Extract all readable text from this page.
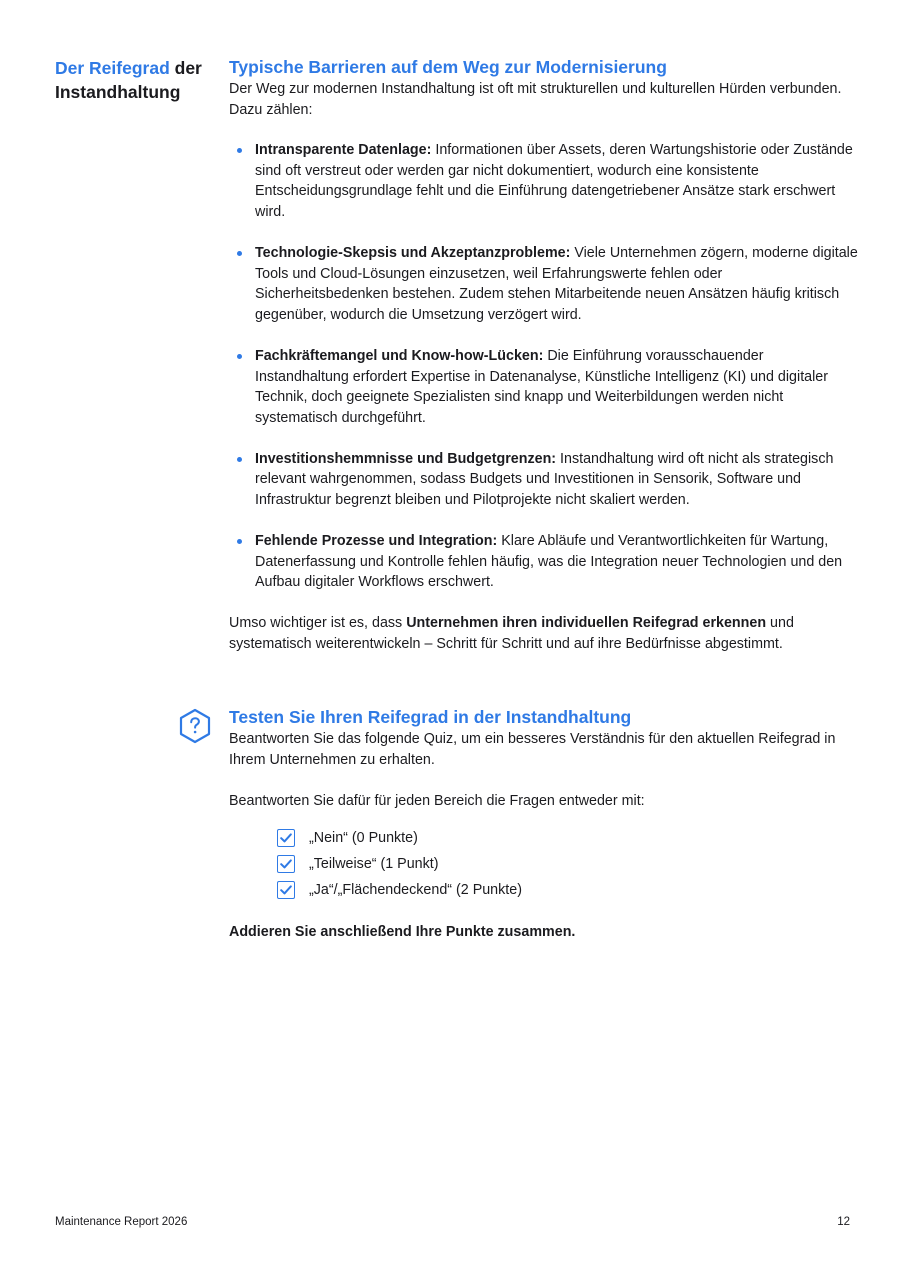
Der Reifegrad der Instandhaltung
Typische Barrieren auf dem Weg zur Modernisierung

Der Weg zur modernen Instandhaltung ist oft mit strukturellen und kulturellen Hürden verbunden. Dazu zählen:

Intransparente Datenlage: Informationen über Assets, deren Wartungshistorie oder Zustände sind oft verstreut oder werden gar nicht dokumentiert, wodurch eine konsistente Entscheidungsgrundlage fehlt und die Einführung datengetriebener Ansätze stark erschwert wird.
Technologie-Skepsis und Akzeptanzprobleme: Viele Unternehmen zögern, moderne digitale Tools und Cloud-Lösungen einzusetzen, weil Erfahrungswerte fehlen oder Sicherheitsbedenken bestehen. Zudem stehen Mitarbeitende neuen Ansätzen häufig kritisch gegenüber, wodurch die Umsetzung verzögert wird.
Fachkräftemangel und Know-how-Lücken: Die Einführung vorausschauender Instandhaltung erfordert Expertise in Datenanalyse, Künstliche Intelligenz (KI) und digitaler Technik, doch geeignete Spezialisten sind knapp und Weiterbildungen werden nicht systematisch durchgeführt.
Investitionshemmnisse und Budgetgrenzen: Instandhaltung wird oft nicht als strategisch relevant wahrgenommen, sodass Budgets und Investitionen in Sensorik, Software und Infrastruktur begrenzt bleiben und Pilotprojekte nicht skaliert werden.
Fehlende Prozesse und Integration: Klare Abläufe und Verantwortlichkeiten für Wartung, Datenerfassung und Kontrolle fehlen häufig, was die Integration neuer Technologien und den Aufbau digitaler Workflows erschwert.

Umso wichtiger ist es, dass Unternehmen ihren individuellen Reifegrad erkennen und systematisch weiterentwickeln – Schritt für Schritt und auf ihre Bedürfnisse abgestimmt.

Testen Sie Ihren Reifegrad in der Instandhaltung

Beantworten Sie das folgende Quiz, um ein besseres Verständnis für den aktuellen Reifegrad in Ihrem Unternehmen zu erhalten.

Beantworten Sie dafür für jeden Bereich die Fragen entweder mit:

„Nein“ (0 Punkte)
„Teilweise“ (1 Punkt)
„Ja“/„Flächendeckend“ (2 Punkte)

Addieren Sie anschließend Ihre Punkte zusammen.

Maintenance Report 2026	12
